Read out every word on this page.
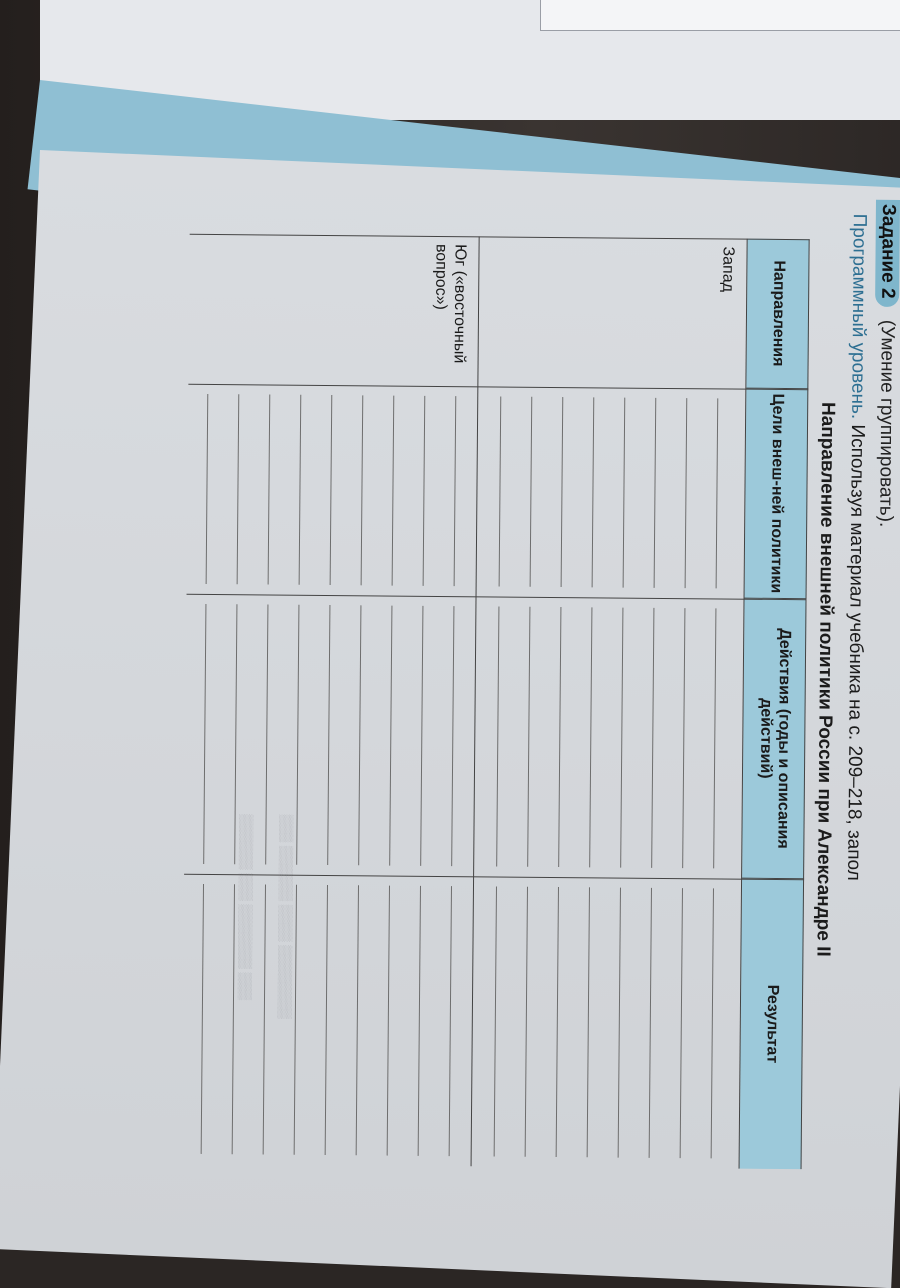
Задание 2 (Умение группировать).
Программный уровень. Используя материал учебника на с. 209–218, запол
Направление внешней политики России при Александре II
Направления
Цели внеш-ней политики
Действия (годы и описания действий)
Результат
Запад
Юг («восточный вопрос»)
▒▒▒ ▒▒▒▒▒▒ ▒▒▒▒ ▒▒▒▒▒▒▒▒
▒▒▒▒▒▒ ▒▒▒ ▒▒▒▒▒▒▒ ▒▒▒
